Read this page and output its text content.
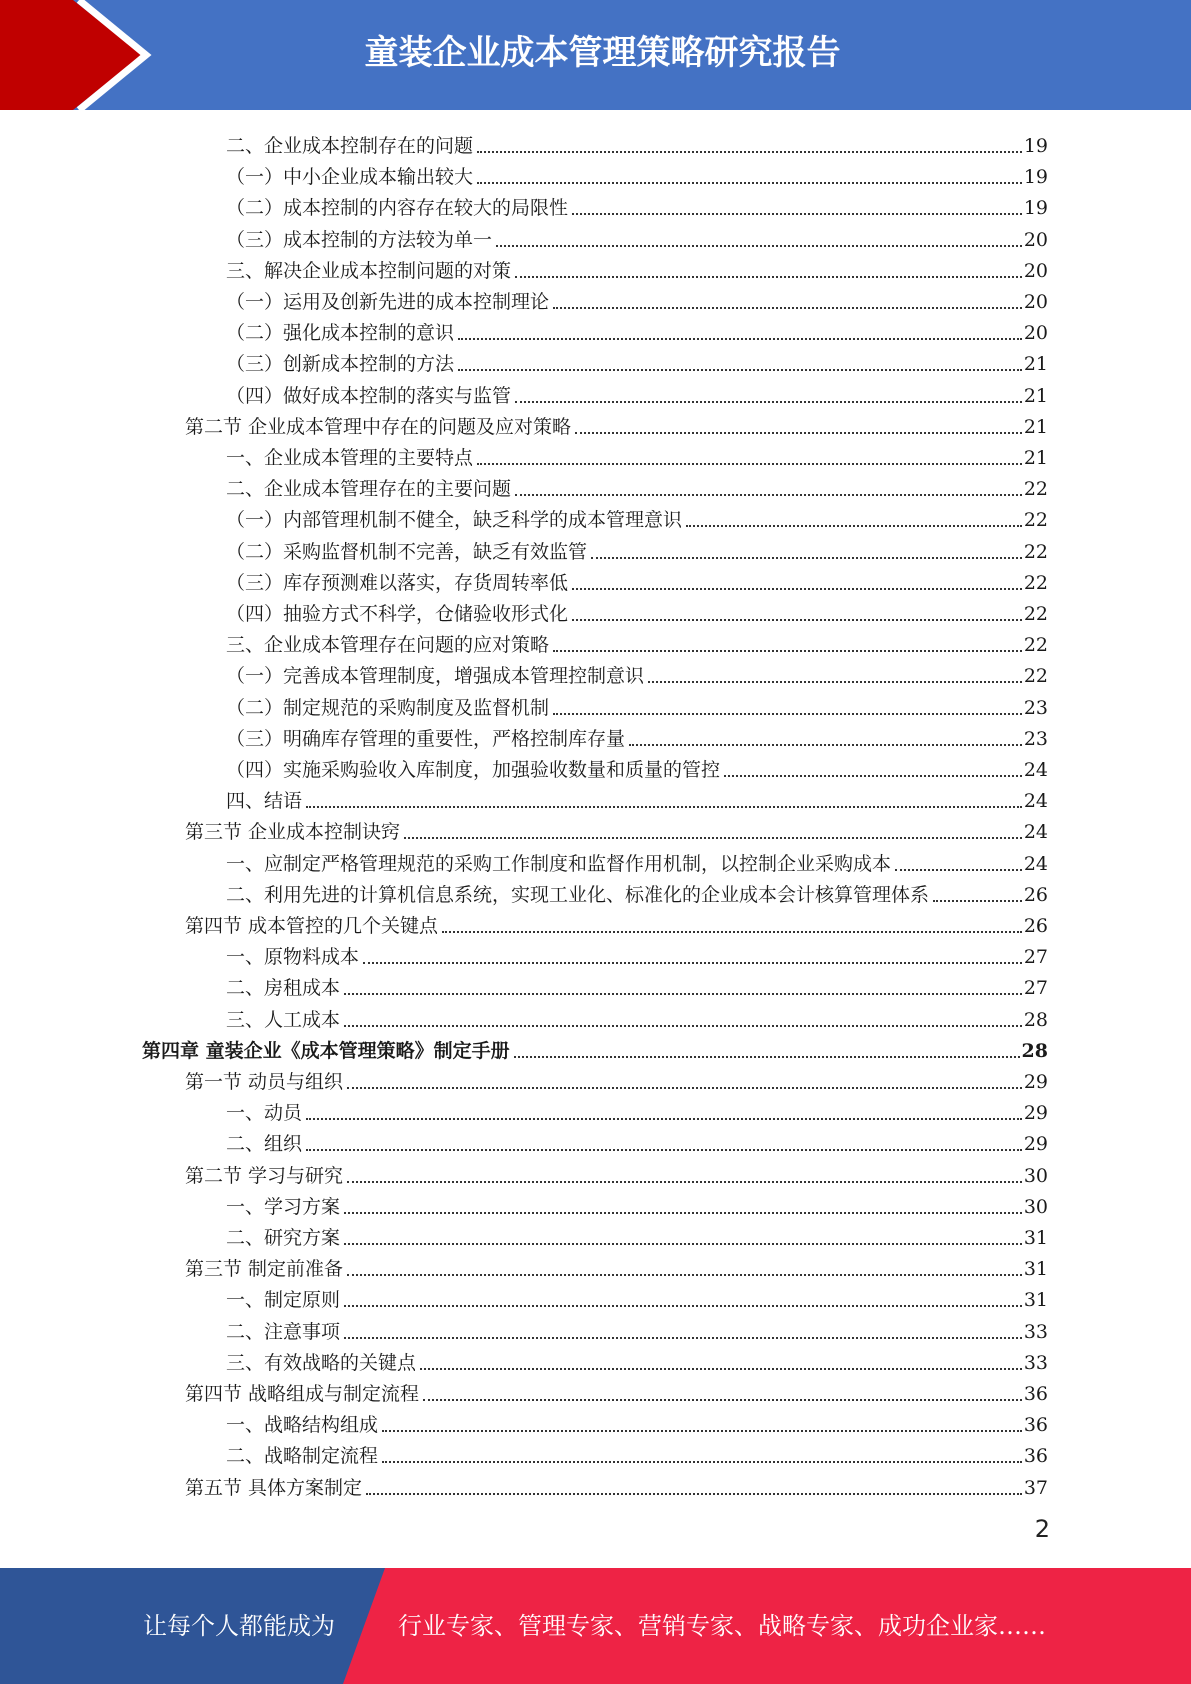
童装企业成本管理策略研究报告
二、企业成本控制存在的问题	19
（一）中小企业成本输出较大	19
（二）成本控制的内容存在较大的局限性	19
（三）成本控制的方法较为单一	20
三、解决企业成本控制问题的对策	20
（一）运用及创新先进的成本控制理论	20
（二）强化成本控制的意识	20
（三）创新成本控制的方法	21
（四）做好成本控制的落实与监管	21
第二节 企业成本管理中存在的问题及应对策略	21
一、企业成本管理的主要特点	21
二、企业成本管理存在的主要问题	22
（一）内部管理机制不健全，缺乏科学的成本管理意识	22
（二）采购监督机制不完善，缺乏有效监管	22
（三）库存预测难以落实，存货周转率低	22
（四）抽验方式不科学，仓储验收形式化	22
三、企业成本管理存在问题的应对策略	22
（一）完善成本管理制度，增强成本管理控制意识	22
（二）制定规范的采购制度及监督机制	23
（三）明确库存管理的重要性，严格控制库存量	23
（四）实施采购验收入库制度，加强验收数量和质量的管控	24
四、结语	24
第三节 企业成本控制诀窍	24
一、应制定严格管理规范的采购工作制度和监督作用机制，以控制企业采购成本	24
二、利用先进的计算机信息系统，实现工业化、标准化的企业成本会计核算管理体系	26
第四节 成本管控的几个关键点	26
一、原物料成本	27
二、房租成本	27
三、人工成本	28
第四章 童装企业《成本管理策略》制定手册	28
第一节 动员与组织	29
一、动员	29
二、组织	29
第二节 学习与研究	30
一、学习方案	30
二、研究方案	31
第三节 制定前准备	31
一、制定原则	31
二、注意事项	33
三、有效战略的关键点	33
第四节 战略组成与制定流程	36
一、战略结构组成	36
二、战略制定流程	36
第五节 具体方案制定	37
2
让每个人都能成为	行业专家、管理专家、营销专家、战略专家、成功企业家……
